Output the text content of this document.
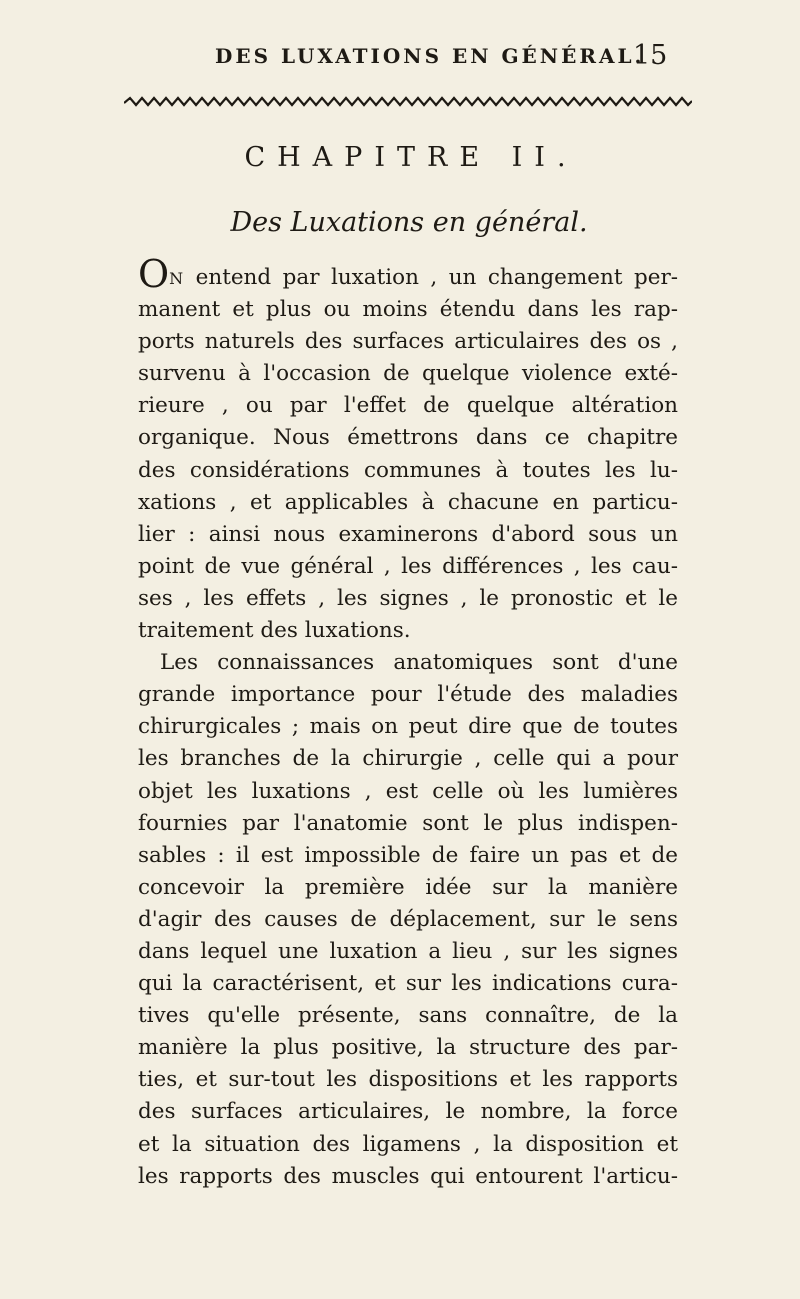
DES LUXATIONS EN GÉNÉRAL.
15
CHAPITRE II.
Des Luxations en général.
ON entend par luxation , un changement per-
manent et plus ou moins étendu dans les rap-
ports naturels des surfaces articulaires des os ,
survenu à l'occasion de quelque violence exté-
rieure , ou par l'effet de quelque altération
organique. Nous émettrons dans ce chapitre
des considérations communes à toutes les lu-
xations , et applicables à chacune en particu-
lier : ainsi nous examinerons d'abord sous un
point de vue général , les différences , les cau-
ses , les effets , les signes , le pronostic et le
traitement des luxations.
Les connaissances anatomiques sont d'une
grande importance pour l'étude des maladies
chirurgicales ; mais on peut dire que de toutes
les branches de la chirurgie , celle qui a pour
objet les luxations , est celle où les lumières
fournies par l'anatomie sont le plus indispen-
sables : il est impossible de faire un pas et de
concevoir la première idée sur la manière
d'agir des causes de déplacement, sur le sens
dans lequel une luxation a lieu , sur les signes
qui la caractérisent, et sur les indications cura-
tives qu'elle présente, sans connaître, de la
manière la plus positive, la structure des par-
ties, et sur-tout les dispositions et les rapports
des surfaces articulaires, le nombre, la force
et la situation des ligamens , la disposition et
les rapports des muscles qui entourent l'articu-
